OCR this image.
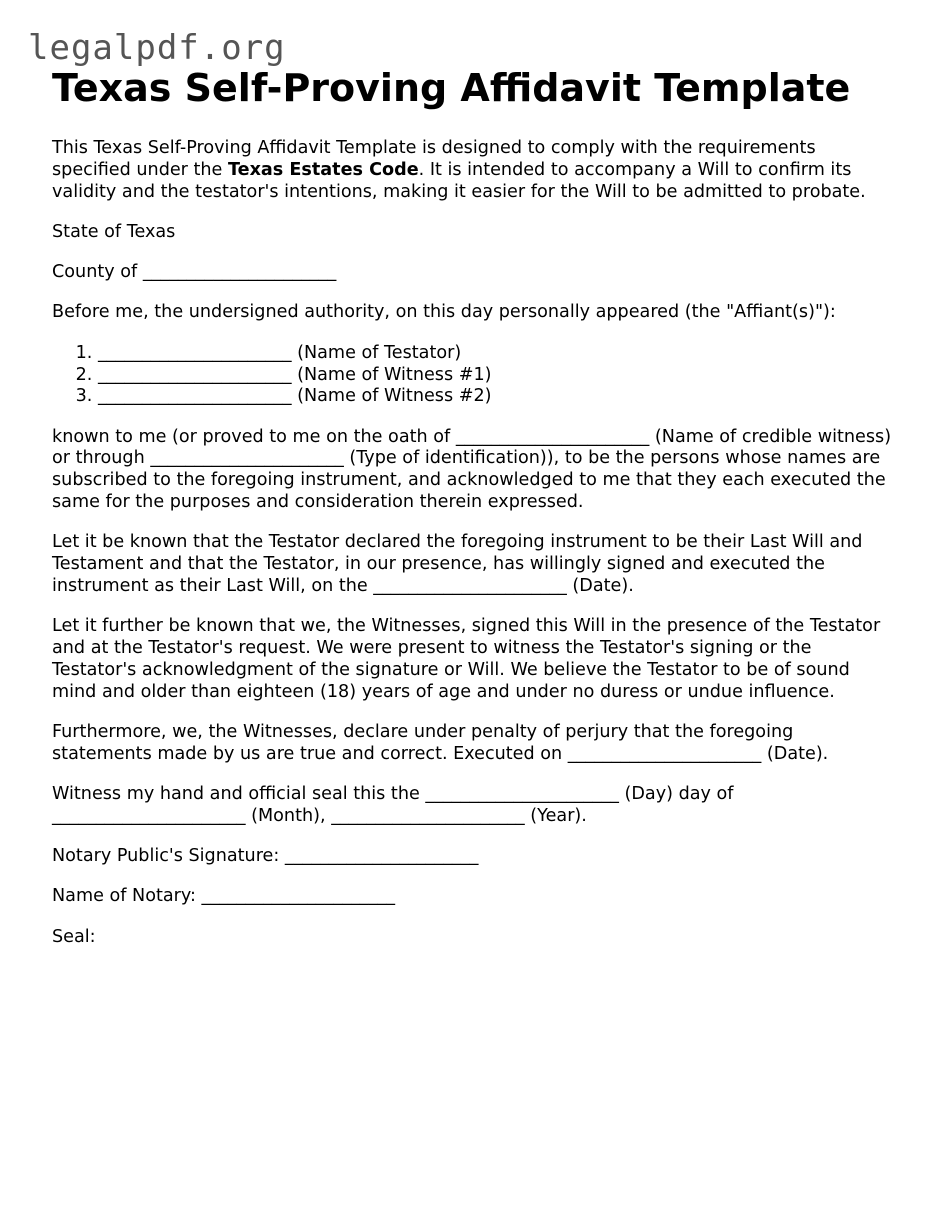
legalpdf.org
Texas Self-Proving Affidavit Template

This Texas Self-Proving Affidavit Template is designed to comply with the requirements specified under the Texas Estates Code. It is intended to accompany a Will to confirm its validity and the testator's intentions, making it easier for the Will to be admitted to probate.

State of Texas

County of ______________________

Before me, the undersigned authority, on this day personally appeared (the "Affiant(s)"):

1. ______________________ (Name of Testator)
2. ______________________ (Name of Witness #1)
3. ______________________ (Name of Witness #2)

known to me (or proved to me on the oath of ______________________ (Name of credible witness) or through ______________________ (Type of identification)), to be the persons whose names are subscribed to the foregoing instrument, and acknowledged to me that they each executed the same for the purposes and consideration therein expressed.

Let it be known that the Testator declared the foregoing instrument to be their Last Will and Testament and that the Testator, in our presence, has willingly signed and executed the instrument as their Last Will, on the ______________________ (Date).

Let it further be known that we, the Witnesses, signed this Will in the presence of the Testator and at the Testator's request. We were present to witness the Testator's signing or the Testator's acknowledgment of the signature or Will. We believe the Testator to be of sound mind and older than eighteen (18) years of age and under no duress or undue influence.

Furthermore, we, the Witnesses, declare under penalty of perjury that the foregoing statements made by us are true and correct. Executed on ______________________ (Date).

Witness my hand and official seal this the ______________________ (Day) day of ______________________ (Month), ______________________ (Year).

Notary Public's Signature: ______________________

Name of Notary: ______________________

Seal:
